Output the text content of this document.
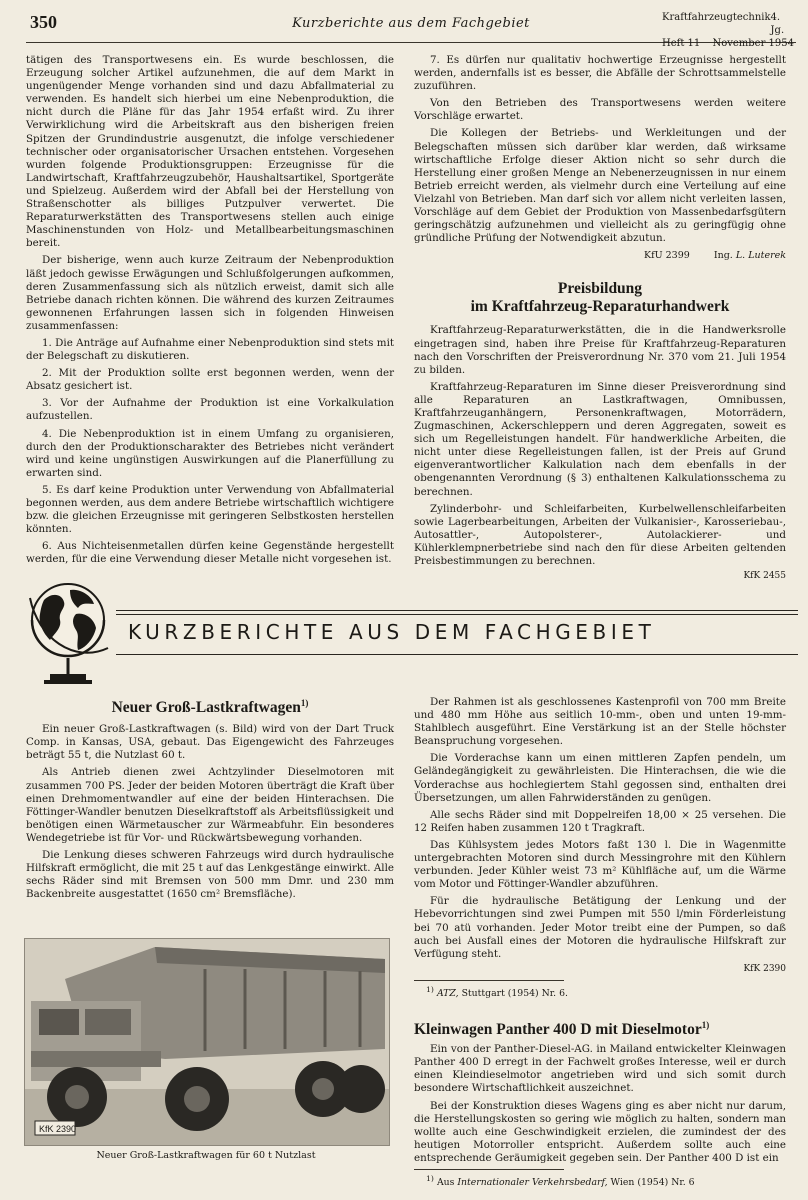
350	Kurzberichte aus dem Fachgebiet	Kraftfahrzeugtechnik 4. Jg.
Heft 11 November 1954

tätigen des Transportwesens ein. Es wurde beschlossen, die Erzeugung solcher Artikel aufzunehmen, die auf dem Markt in ungenügender Menge vorhanden sind und dazu Abfallmaterial zu verwenden. Es handelt sich hierbei um eine Nebenproduktion, die nicht durch die Pläne für das Jahr 1954 erfaßt wird. Zu ihrer Verwirklichung wird die Arbeitskraft aus den bisherigen freien Spitzen der Grundindustrie ausgenutzt, die infolge verschiedener technischer oder organisatorischer Ursachen entstehen. Vorgesehen wurden folgende Produktionsgruppen: Erzeugnisse für die Landwirtschaft, Kraftfahrzeugzubehör, Haushaltsartikel, Sportgeräte und Spielzeug. Außerdem wird der Abfall bei der Herstellung von Straßenschotter als billiges Putzpulver verwertet. Die Reparaturwerkstätten des Transportwesens stellen auch einige Maschinenstunden von Holz- und Metallbearbeitungsmaschinen bereit.

Der bisherige, wenn auch kurze Zeitraum der Nebenproduktion läßt jedoch gewisse Erwägungen und Schlußfolgerungen aufkommen, deren Zusammenfassung sich als nützlich erweist, damit sich alle Betriebe danach richten können. Die während des kurzen Zeitraumes gewonnenen Erfahrungen lassen sich in folgenden Hinweisen zusammenfassen:

1. Die Anträge auf Aufnahme einer Nebenproduktion sind stets mit der Belegschaft zu diskutieren.

2. Mit der Produktion sollte erst begonnen werden, wenn der Absatz gesichert ist.

3. Vor der Aufnahme der Produktion ist eine Vorkalkulation aufzustellen.

4. Die Nebenproduktion ist in einem Umfang zu organisieren, durch den der Produktionscharakter des Betriebes nicht verändert wird und keine ungünstigen Auswirkungen auf die Planerfüllung zu erwarten sind.

5. Es darf keine Produktion unter Verwendung von Abfallmaterial begonnen werden, aus dem andere Betriebe wirtschaftlich wichtigere bzw. die gleichen Erzeugnisse mit geringeren Selbstkosten herstellen könnten.

6. Aus Nichteisenmetallen dürfen keine Gegenstände hergestellt werden, für die eine Verwendung dieser Metalle nicht vorgesehen ist.

7. Es dürfen nur qualitativ hochwertige Erzeugnisse hergestellt werden, andernfalls ist es besser, die Abfälle der Schrottsammelstelle zuzuführen.

Von den Betrieben des Transportwesens werden weitere Vorschläge erwartet.

Die Kollegen der Betriebs- und Werkleitungen und der Belegschaften müssen sich darüber klar werden, daß wirksame wirtschaftliche Erfolge dieser Aktion nicht so sehr durch die Herstellung einer großen Menge an Nebenerzeugnissen in nur einem Betrieb erreicht werden, als vielmehr durch eine Verteilung auf eine Vielzahl von Betrieben. Man darf sich vor allem nicht verleiten lassen, Vorschläge auf dem Gebiet der Produktion von Massenbedarfsgütern geringschätzig aufzunehmen und vielleicht als zu geringfügig ohne gründliche Prüfung der Notwendigkeit abzutun.

KfU 2399	Ing. L. Luterek
Preisbildung
im Kraftfahrzeug-Reparaturhandwerk

Kraftfahrzeug-Reparaturwerkstätten, die in die Handwerksrolle eingetragen sind, haben ihre Preise für Kraftfahrzeug-Reparaturen nach den Vorschriften der Preisverordnung Nr. 370 vom 21. Juli 1954 zu bilden.

Kraftfahrzeug-Reparaturen im Sinne dieser Preisverordnung sind alle Reparaturen an Lastkraftwagen, Omnibussen, Kraftfahrzeuganhängern, Personenkraftwagen, Motorrädern, Zugmaschinen, Ackerschleppern und deren Aggregaten, soweit es sich um Regelleistungen handelt. Für handwerkliche Arbeiten, die nicht unter diese Regelleistungen fallen, ist der Preis auf Grund eigenverantwortlicher Kalkulation nach dem ebenfalls in der obengenannten Verordnung (§ 3) enthaltenen Kalkulationsschema zu berechnen.

Zylinderbohr- und Schleifarbeiten, Kurbelwellenschleifarbeiten sowie Lagerbearbeitungen, Arbeiten der Vulkanisier-, Karosseriebau-, Autosattler-, Autopolsterer-, Autolackierer- und Kühlerklempnerbetriebe sind nach den für diese Arbeiten geltenden Preisbestimmungen zu berechnen.

KfK 2455
KURZBERICHTE AUS DEM FACHGEBIET
Neuer Groß-Lastkraftwagen$^{1)}$

Ein neuer Groß-Lastkraftwagen (s. Bild) wird von der Dart Truck Comp. in Kansas, USA, gebaut. Das Eigengewicht des Fahrzeuges beträgt 55 t, die Nutzlast 60 t.

Als Antrieb dienen zwei Achtzylinder Dieselmotoren mit zusammen 700 PS. Jeder der beiden Motoren überträgt die Kraft über einen Drehmomentwandler auf eine der beiden Hinterachsen. Die Föttinger-Wandler benutzen Dieselkraftstoff als Arbeitsflüssigkeit und benötigen einen Wärmetauscher zur Wärmeabfuhr. Ein besonderes Wendegetriebe ist für Vor- und Rückwärtsbewegung vorhanden.

Die Lenkung dieses schweren Fahrzeugs wird durch hydraulische Hilfskraft ermöglicht, die mit 25 t auf das Lenkgestänge einwirkt. Alle sechs Räder sind mit Bremsen von 500 mm Dmr. und 230 mm Backenbreite ausgestattet (1650 cm² Bremsfläche).

KfK 2390
Neuer Groß-Lastkraftwagen für 60 t Nutzlast

Der Rahmen ist als geschlossenes Kastenprofil von 700 mm Breite und 480 mm Höhe aus seitlich 10-mm-, oben und unten 19-mm-Stahlblech ausgeführt. Eine Verstärkung ist an der Stelle höchster Beanspruchung vorgesehen.

Die Vorderachse kann um einen mittleren Zapfen pendeln, um Geländegängigkeit zu gewährleisten. Die Hinterachsen, die wie die Vorderachse aus hochlegiertem Stahl gegossen sind, enthalten drei Übersetzungen, um allen Fahrwiderständen zu genügen.

Alle sechs Räder sind mit Doppelreifen 18,00 × 25 versehen. Die 12 Reifen haben zusammen 120 t Tragkraft.

Das Kühlsystem jedes Motors faßt 130 l. Die in Wagenmitte untergebrachten Motoren sind durch Messingrohre mit den Kühlern verbunden. Jeder Kühler weist 73 m² Kühlfläche auf, um die Wärme vom Motor und Föttinger-Wandler abzuführen.

Für die hydraulische Betätigung der Lenkung und der Hebevorrichtungen sind zwei Pumpen mit 550 l/min Förderleistung bei 70 atü vorhanden. Jeder Motor treibt eine der Pumpen, so daß auch bei Ausfall eines der Motoren die hydraulische Hilfskraft zur Verfügung steht.

KfK 2390
$^{1)}$ ATZ, Stuttgart (1954) Nr. 6.
Kleinwagen Panther 400 D mit Dieselmotor$^{1)}$

Ein von der Panther-Diesel-AG. in Mailand entwickelter Kleinwagen Panther 400 D erregt in der Fachwelt großes Interesse, weil er durch einen Kleindieselmotor angetrieben wird und sich somit durch besondere Wirtschaftlichkeit auszeichnet.

Bei der Konstruktion dieses Wagens ging es aber nicht nur darum, die Herstellungskosten so gering wie möglich zu halten, sondern man wollte auch eine Geschwindigkeit erzielen, die zumindest der des heutigen Motorroller entspricht. Außerdem sollte auch eine entsprechende Geräumigkeit gegeben sein. Der Panther 400 D ist ein

$^{1)}$ Aus Internationaler Verkehrsbedarf, Wien (1954) Nr. 6
